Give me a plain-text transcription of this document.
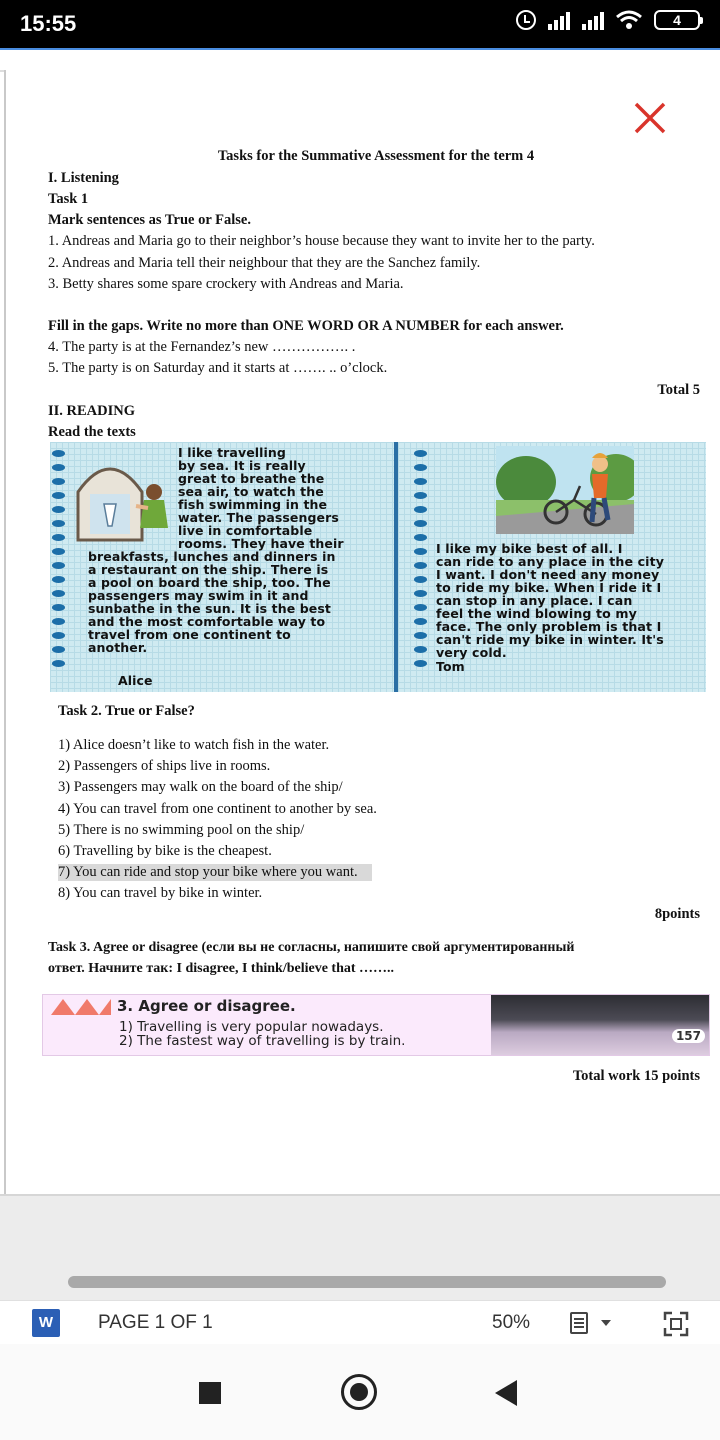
15:55	4
Tasks for the Summative Assessment for the term 4
I. Listening
Task 1
Mark sentences as True or False.
1. Andreas and Maria go to their neighbor’s house because they want to invite her to the party.
2. Andreas and Maria tell their neighbour that they are the Sanchez family.
3. Betty shares some spare crockery with Andreas and Maria.
Fill in the gaps. Write no more than ONE WORD OR A NUMBER for each answer.
4. The party is at the Fernandez’s new ……………. .
5. The party is on Saturday and it starts at ……. .. o’clock.
Total 5
II. READING
Read the texts
I like travelling
by sea. It is really
great to breathe the
sea air, to watch the
fish swimming in the
water. The passengers
live in comfortable
rooms. They have their
breakfasts, lunches and dinners in
a restaurant on the ship. There is
a pool on board the ship, too. The
passengers may swim in it and
sunbathe in the sun. It is the best
and the most comfortable way to
travel from one continent to
another.
Alice
I like my bike best of all. I
can ride to any place in the city
I want. I don't need any money
to ride my bike. When I ride it I
can stop in any place. I can
feel the wind blowing to my
face. The only problem is that I
can't ride my bike in winter. It's
very cold.
Tom
Task 2. True or False?
1) Alice doesn’t like to watch fish in the water.
2) Passengers of ships live in rooms.
3) Passengers may walk on the board of the ship/
4) You can travel from one continent to another by sea.
5) There is no swimming pool on the ship/
6) Travelling by bike is the cheapest.
7) You can ride and stop your bike where you want.
8) You can travel by bike in winter.
8points
Task 3. Agree or disagree (если вы не согласны, напишите свой аргументированный
ответ. Начните так: I disagree, I think/believe that ……..
3. Agree or disagree.
1) Travelling is very popular nowadays.
2) The fastest way of travelling is by train.	157
Total work 15 points
W	PAGE 1 OF 1	50%
